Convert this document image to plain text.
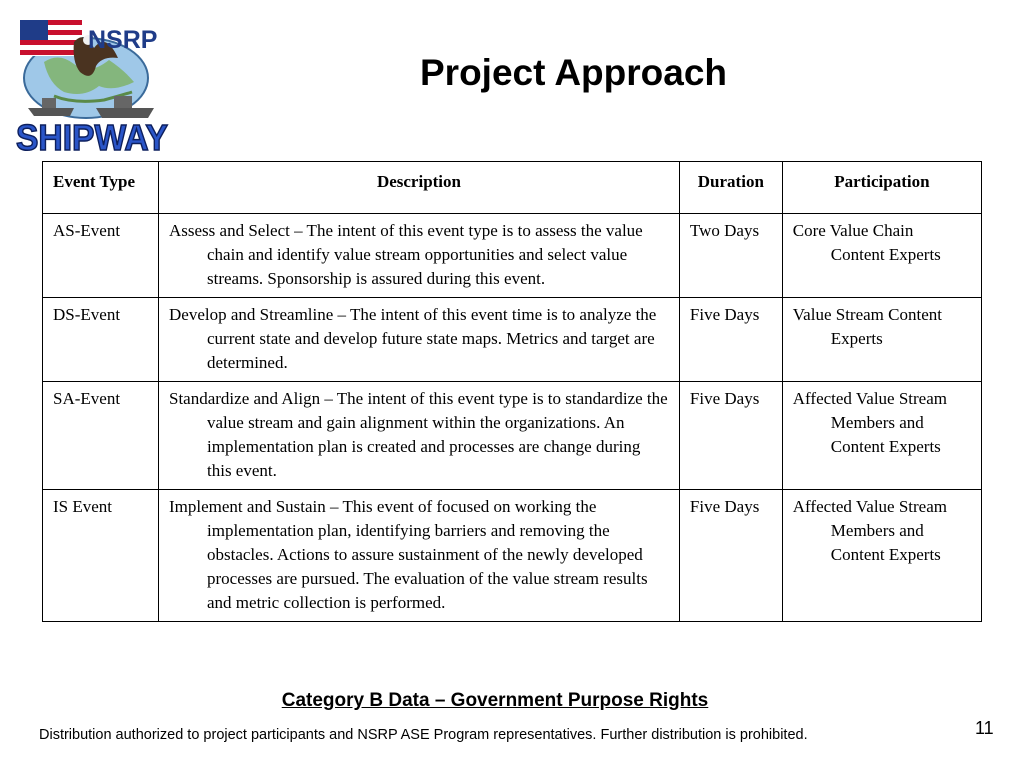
NSRP
SHIPWAY
Project Approach
Event Type	Description	Duration	Participation
AS-Event	Assess and Select – The intent of this event type is to assess the value chain and identify value stream opportunities and select value streams. Sponsorship is assured during this event.	Two Days	Core Value Chain Content Experts

DS-Event	Develop and Streamline – The intent of this event time is to analyze the current state and develop future state maps. Metrics and target are determined.	Five Days	Value Stream Content Experts

SA-Event	Standardize and Align – The intent of this event type is to standardize the value stream and gain alignment within the organizations. An implementation plan is created and processes are change during this event.	Five Days	Affected Value Stream Members and Content Experts

IS Event	Implement and Sustain – This event of focused on working the implementation plan, identifying barriers and removing the obstacles. Actions to assure sustainment of the newly developed processes are pursued. The evaluation of the value stream results and metric collection is performed.	Five Days	Affected Value Stream Members and Content Experts
Category B Data – Government Purpose Rights
Distribution authorized to project participants and NSRP ASE Program representatives. Further distribution is prohibited.	11
